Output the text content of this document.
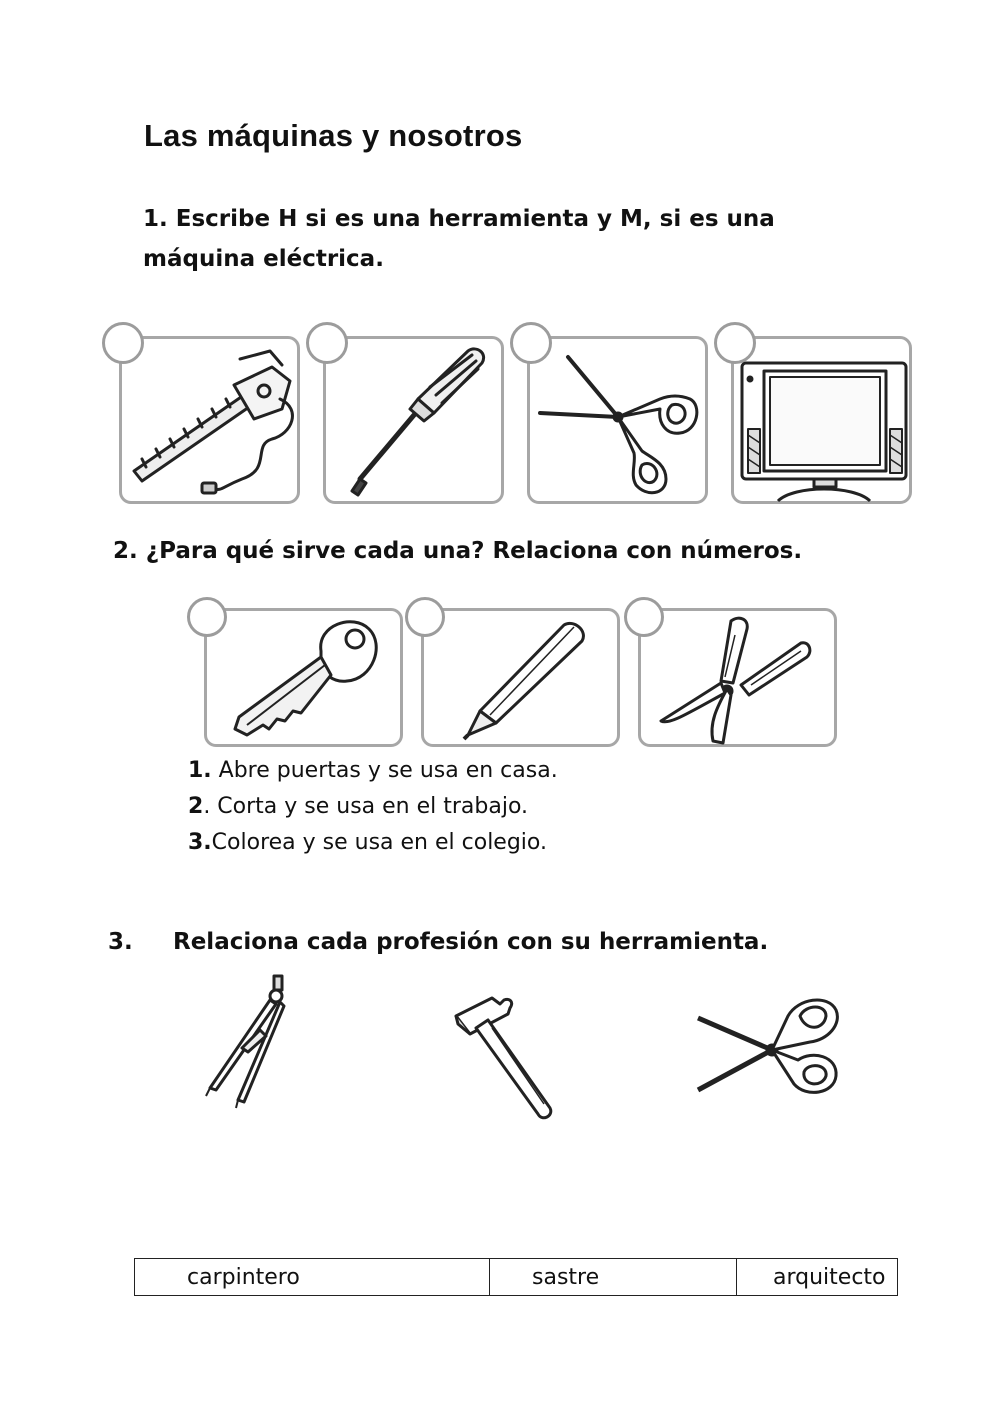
Las máquinas y nosotros
1. Escribe H si es una herramienta y M, si es una máquina eléctrica.
2. ¿Para qué sirve cada una? Relaciona con números.
1. Abre puertas y se usa en casa.
2. Corta y se usa en el trabajo.
3.Colorea y se usa en el colegio.
3. Relaciona cada profesión con su herramienta.
carpintero	sastre	arquitecto
